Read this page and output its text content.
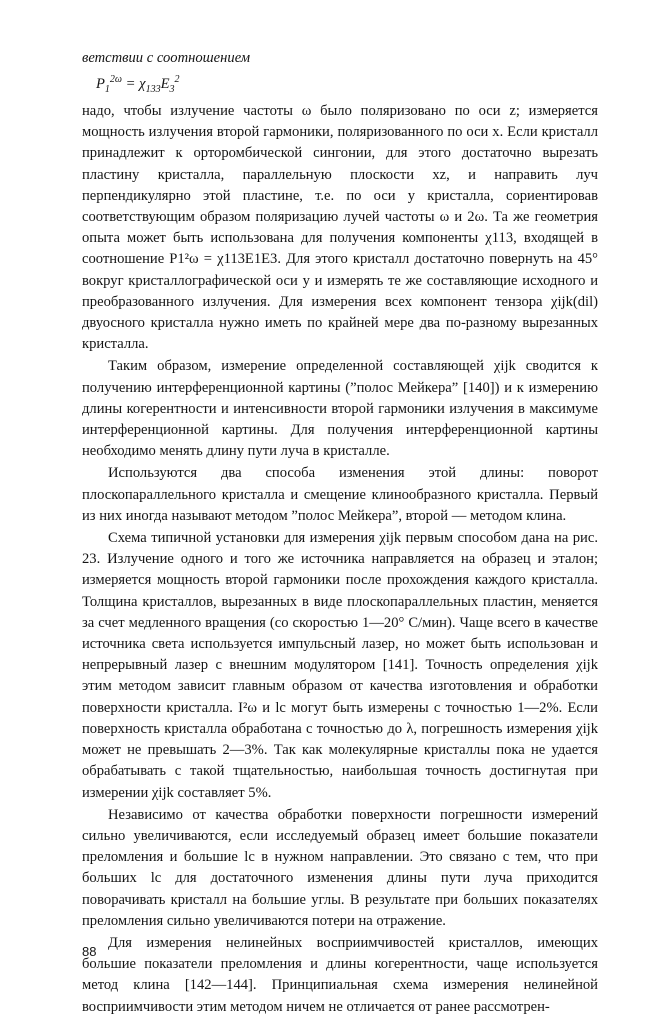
ветствии с соотношением
$P_1^{2\omega} = \chi_{133}E_3^2$

надо, чтобы излучение частоты ω было поляризовано по оси z; измеряется мощность излучения второй гармоники, поляризованного по оси x. Если кристалл принадлежит к орторомбической сингонии, для этого достаточно вырезать пластину кристалла, параллельную плоскости xz, и направить луч перпендикулярно этой пластине, т.е. по оси y кристалла, сориентировав соответствующим образом поляризацию лучей частоты ω и 2ω. Та же геометрия опыта может быть использована для получения компоненты χ113, входящей в соотношение P1²ω = χ113E1E3. Для этого кристалл достаточно повернуть на 45° вокруг кристаллографической оси y и измерять те же составляющие исходного и преобразованного излучения. Для измерения всех компонент тензора χijk(dil) двуосного кристалла нужно иметь по крайней мере два по-разному вырезанных кристалла.

Таким образом, измерение определенной составляющей χijk сводится к получению интерференционной картины (”полос Мейкера” [140]) и к измерению длины когерентности и интенсивности второй гармоники излучения в максимуме интерференционной картины. Для получения интерференционной картины необходимо менять длину пути луча в кристалле.

Используются два способа изменения этой длины: поворот плоскопараллельного кристалла и смещение клинообразного кристалла. Первый из них иногда называют методом ”полос Мейкера”, второй — методом клина.

Схема типичной установки для измерения χijk первым способом дана на рис. 23. Излучение одного и того же источника направляется на образец и эталон; измеряется мощность второй гармоники после прохождения каждого кристалла. Толщина кристаллов, вырезанных в виде плоскопараллельных пластин, меняется за счет медленного вращения (со скоростью 1—20° С/мин). Чаще всего в качестве источника света используется импульсный лазер, но может быть использован и непрерывный лазер с внешним модулятором [141]. Точность определения χijk этим методом зависит главным образом от качества изготовления и обработки поверхности кристалла. I²ω и lc могут быть измерены с точностью 1—2%. Если поверхность кристалла обработана с точностью до λ, погрешность измерения χijk может не превышать 2—3%. Так как молекулярные кристаллы пока не удается обрабатывать с такой тщательностью, наибольшая точность достигнутая при измерении χijk составляет 5%.

Независимо от качества обработки поверхности погрешности измерений сильно увеличиваются, если исследуемый образец имеет большие показатели преломления и большие lc в нужном направлении. Это связано с тем, что при больших lc для достаточного изменения длины пути луча приходится поворачивать кристалл на большие углы. В результате при больших показателях преломления сильно увеличиваются потери на отражение.

Для измерения нелинейных восприимчивостей кристаллов, имеющих большие показатели преломления и длины когерентности, чаще используется метод клина [142—144]. Принципиальная схема измерения нелинейной восприимчивости этим методом ничем не отличается от ранее рассмотрен-

88
